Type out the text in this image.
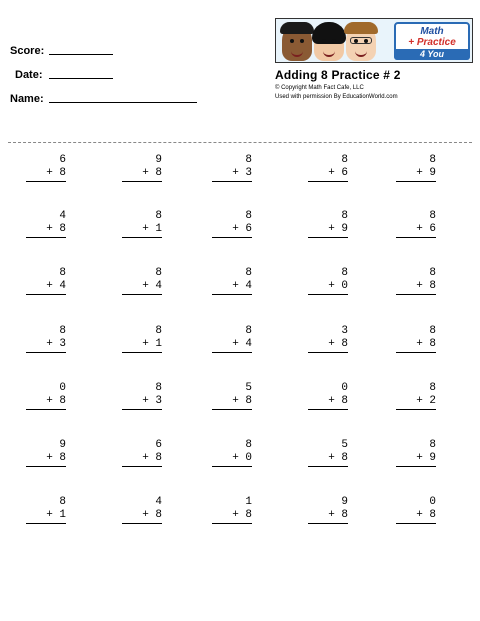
Score:
Date:
Name:
Math
+ Practice
4 You
Adding 8 Practice # 2
© Copyright Math Fact Cafe, LLC
Used with permission By EducationWorld.com
6
+ 8
9
+ 8
8
+ 3
8
+ 6
8
+ 9
4
+ 8
8
+ 1
8
+ 6
8
+ 9
8
+ 6
8
+ 4
8
+ 4
8
+ 4
8
+ 0
8
+ 8
8
+ 3
8
+ 1
8
+ 4
3
+ 8
8
+ 8
0
+ 8
8
+ 3
5
+ 8
0
+ 8
8
+ 2
9
+ 8
6
+ 8
8
+ 0
5
+ 8
8
+ 9
8
+ 1
4
+ 8
1
+ 8
9
+ 8
0
+ 8
